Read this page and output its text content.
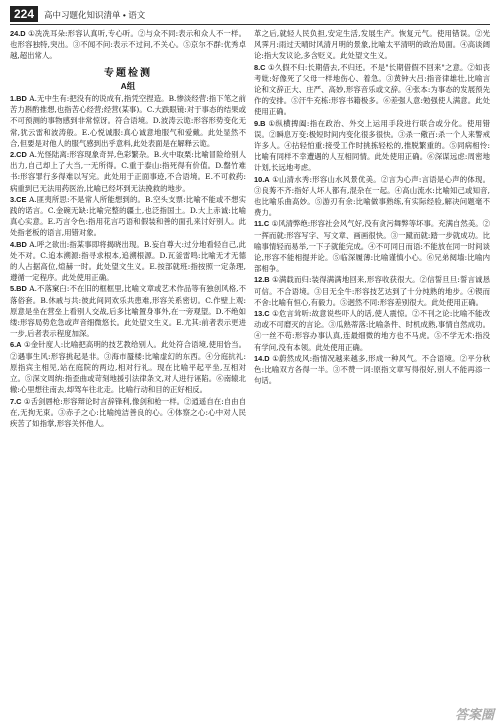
224	高中习题化知识清单 • 语文

24.D ①冼冼耳朵:形容认真听,专心听。②与众不同:表示和众人不一样。也形容独特,突出。③不闻不问:表示不过问,不关心。⑤京尔不群:优秀卓越,超出常人。

专题检测
A组

1.BD A.无中生有:把没有的说成有,指凭空捏造。B.惨淡经营:指下笔之前苦力斟酌推想,也指苦心经营;经营(某事)。C.大跌眼镜:对于事态的结果或不可预测的事物感到非常惊讶。符合语境。D.波涛云诡:形容形势变化无常,犹云雷和波涛般。E.心悦诚服:真心诚意地服气和爱戴。此处显然不合,但要是对他人的服气感到出乎意料,此处表面是在解释云诡。

2.CD A.光怪陆离:形容现象奇异,色彩繁杂。B.火中取栗:比喻冒险给别人出力,自己却上了大当,一无所得。C.重于泰山:指死得有价值。D.罄竹难书:形容罪行多得难以写完。此处用于正面事迹,不合语境。E.不可救药:病重到已无法用药医治,比喻已经坏到无法挽救的地步。

3.CE A.匪夷所思:不是常人所能想到的。B.空头支票:比喻不能或不想实践的诺言。C.金碗无缺:比喻完整的疆土,也泛指国土。D.大上赤诚:比喻真心实意。E.巧言令色:指用花言巧语和假装和善的面孔来讨好别人。此处指老板的语言,用错对象。

4.BD A.呼之欲出:指某事即将揭晓出现。B.妄自尊大:过分地看轻自己,此处不对。C.追本溯源:指寻求根本,追溯根源。D.瓦釜雷鸣:比喻无才无德的人占据高位,煊赫一时。此处望文生义。E.按部就班:指按照一定条理,遵循一定程序。此处使用正确。

5.BD A.不落窠臼:不在旧的框框里,比喻文章或艺术作品等有独创风格,不落俗套。B.休戚与共:彼此间同欢乐共患难,形容关系密切。C.作壁上观:原意是坐在营垒上看别人交战,后多比喻置身事外,在一旁观望。D.不绝如缕:形容局势危急或声音细微悠长。此处望文生义。E.尤其:前者表示更进一步,后者表示程度加深。

6.A ①金针度人:比喻把高明的技艺教给别人。此处符合语境,使用恰当。②遇事生风:形容挑起是非。③海市蜃楼:比喻虚幻的东西。④分庭抗礼:原指宾主相见,站在庭院的两边,相对行礼。现在比喻平起平坐,互相对立。⑤深文周纳:指歪曲或苛刻地援引法律条文,对人进行诬陷。⑥南辕北辙:心里想往南去,却驾车往北走。比喻行动和目的正好相反。

7.C ①舌剑唇枪:形容辩论时言辞锋利,像剑和枪一样。②逍遥自在:自由自在,无拘无束。③赤子之心:比喻纯洁善良的心。④体察之心:心中对人民疾苦了如指掌,形容关怀他人。

革之后,就轻人民负担,安定生活,发展生产。恢复元气。使用错误。②光风霁月:雨过天晴时风清月明的景象,比喻太平清明的政治局面。④高谈阔论:指大发议论,多含贬义。此处望文生义。

8.C ①久假不归:长期借去,不归还。不是"长期借假不回来"之意。②如丧考妣:好像死了父母一样地伤心、着急。③黄钟大吕:指音律雄壮,比喻言论和文辞正大、庄严、高妙,形容音乐或文辞。④张本:为事态的发展预先作的安排。⑤汗牛充栋:形容书籍极多。⑥差强人意:勉强使人满意。此处使用正确。

9.B ①纵横捭阖:指在政治、外交上运用手段进行联合或分化。使用错误。②瞬息万变:极短时间内变化很多很快。③杀一儆百:杀一个人来警戒许多人。④拈轻怕重:接受工作时挑拣轻松的,推脱繁重的。⑤同病相怜:比喻有同样不幸遭遇的人互相同情。此处使用正确。⑥深谋远虑:周密地计划,长远地考虑。

10.A ①山清水秀:形容山水风景优美。②言为心声:言语是心声的体现。③良莠不齐:指好人坏人都有,混杂在一起。④高山流水:比喻知己或知音,也比喻乐曲高妙。⑤游刃有余:比喻做事熟练,有实际经验,解决问题毫不费力。

11.C ①风清弊绝:形容社会风气好,没有贪污舞弊等坏事。充满自然美。②一挥而就:形容写字、写文章、画画很快。③一蹴而就:踏一步就成功。比喻事情轻而易举,一下子就能完成。④不可同日而语:不能放在同一时间谈论,形容不能相提并论。⑤临深履薄:比喻谨慎小心。⑥兄弟阋墙:比喻内部相争。

12.B ①满载而归:装得满满地回来,形容收获很大。②信誓旦旦:誓言诚恳可信。不合语境。③目无全牛:形容技艺达到了十分纯熟的地步。④锲而不舍:比喻有恒心,有毅力。⑤迥然不同:形容差别很大。此处使用正确。

13.C ①危言耸听:故意说些吓人的话,使人震惊。②不刊之论:比喻不能改动或不可磨灭的言论。③瓜熟蒂落:比喻条件、时机成熟,事情自然成功。④一丝不苟:形容办事认真,连最细微的地方也不马虎。⑤不学无术:指没有学问,没有本领。此处使用正确。

14.D ①蔚然成风:指情况越来越多,形成一种风气。不合语境。②平分秋色:比喻双方各得一半。③不赞一词:原指文章写得很好,别人不能再添一句话。

答案圈
